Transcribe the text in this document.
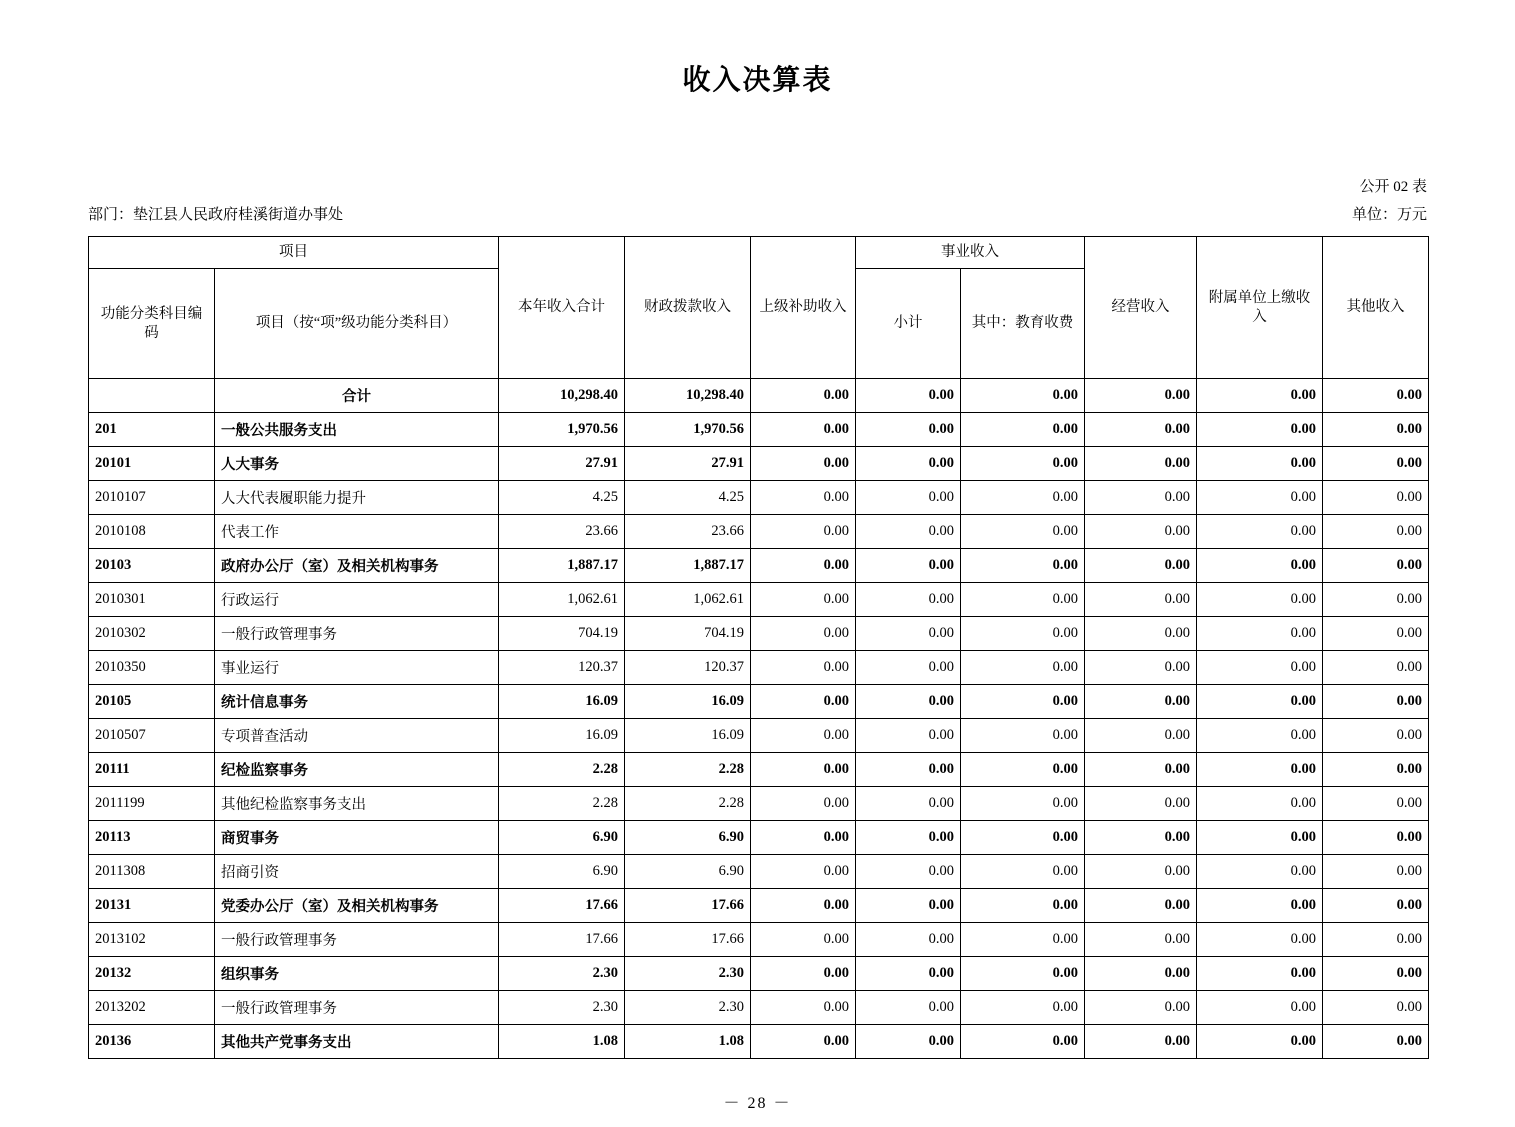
收入决算表
公开 02 表
部门：垫江县人民政府桂溪街道办事处	单位：万元
项目		本年收入合计	财政拨款收入	上级补助收入	事业收入		经营收入	附属单位上缴收入	其他收入
功能分类科目编码	项目（按“项”级功能分类科目）				小计	其中：教育收费			
	合计	10,298.40	10,298.40	0.00	0.00	0.00	0.00	0.00	0.00
201	一般公共服务支出	1,970.56	1,970.56	0.00	0.00	0.00	0.00	0.00	0.00
20101	人大事务	27.91	27.91	0.00	0.00	0.00	0.00	0.00	0.00
2010107	人大代表履职能力提升	4.25	4.25	0.00	0.00	0.00	0.00	0.00	0.00
2010108	代表工作	23.66	23.66	0.00	0.00	0.00	0.00	0.00	0.00
20103	政府办公厅（室）及相关机构事务	1,887.17	1,887.17	0.00	0.00	0.00	0.00	0.00	0.00
2010301	行政运行	1,062.61	1,062.61	0.00	0.00	0.00	0.00	0.00	0.00
2010302	一般行政管理事务	704.19	704.19	0.00	0.00	0.00	0.00	0.00	0.00
2010350	事业运行	120.37	120.37	0.00	0.00	0.00	0.00	0.00	0.00
20105	统计信息事务	16.09	16.09	0.00	0.00	0.00	0.00	0.00	0.00
2010507	专项普查活动	16.09	16.09	0.00	0.00	0.00	0.00	0.00	0.00
20111	纪检监察事务	2.28	2.28	0.00	0.00	0.00	0.00	0.00	0.00
2011199	其他纪检监察事务支出	2.28	2.28	0.00	0.00	0.00	0.00	0.00	0.00
20113	商贸事务	6.90	6.90	0.00	0.00	0.00	0.00	0.00	0.00
2011308	招商引资	6.90	6.90	0.00	0.00	0.00	0.00	0.00	0.00
20131	党委办公厅（室）及相关机构事务	17.66	17.66	0.00	0.00	0.00	0.00	0.00	0.00
2013102	一般行政管理事务	17.66	17.66	0.00	0.00	0.00	0.00	0.00	0.00
20132	组织事务	2.30	2.30	0.00	0.00	0.00	0.00	0.00	0.00
2013202	一般行政管理事务	2.30	2.30	0.00	0.00	0.00	0.00	0.00	0.00
20136	其他共产党事务支出	1.08	1.08	0.00	0.00	0.00	0.00	0.00	0.00
－ 28 －
